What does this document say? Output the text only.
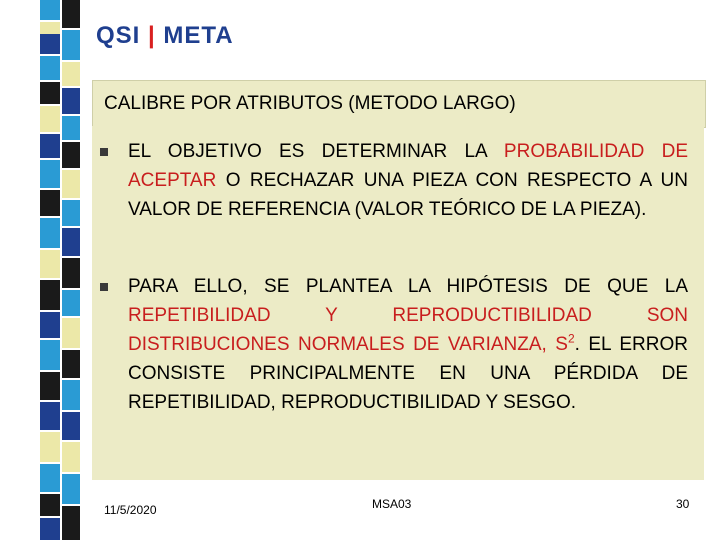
QSI | META
CALIBRE POR ATRIBUTOS (METODO LARGO)
EL OBJETIVO ES DETERMINAR LA PROBABILIDAD DE ACEPTAR O RECHAZAR UNA PIEZA CON RESPECTO A UN VALOR DE REFERENCIA (VALOR TEÓRICO DE LA PIEZA).
PARA ELLO, SE PLANTEA LA HIPÓTESIS DE QUE LA REPETIBILIDAD Y REPRODUCTIBILIDAD SON DISTRIBUCIONES NORMALES DE VARIANZA, $S^2$. EL ERROR CONSISTE PRINCIPALMENTE EN UNA PÉRDIDA DE REPETIBILIDAD, REPRODUCTIBILIDAD Y SESGO.
11/5/2020	MSA03	30
